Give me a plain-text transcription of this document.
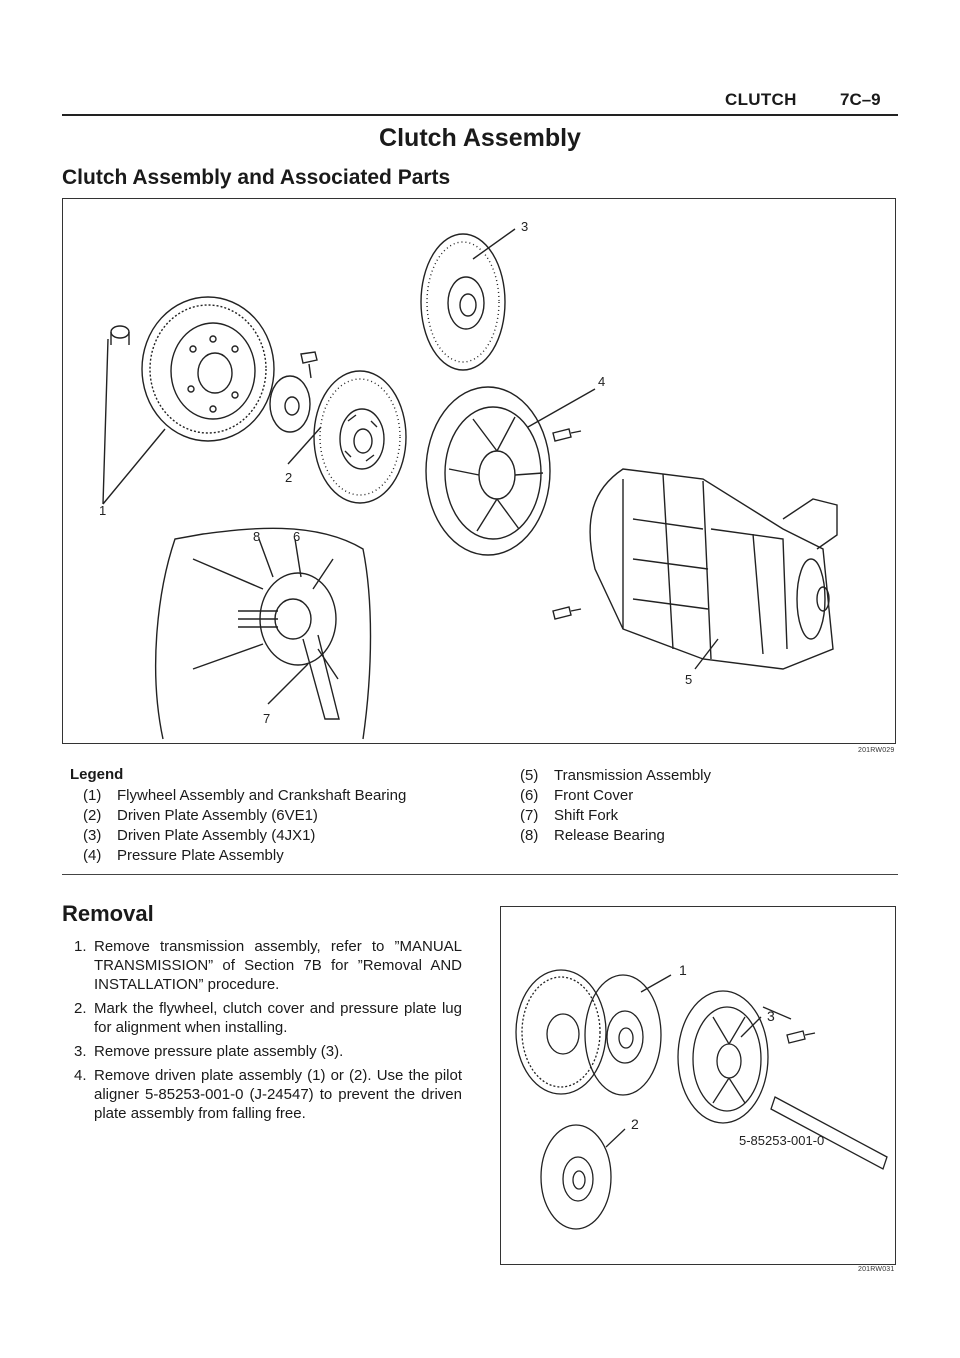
CLUTCH	7C–9
Clutch Assembly
Clutch Assembly and Associated Parts
1
2
3
4
5
6
7
8
201RW029
Legend
(1) Flywheel Assembly and Crankshaft Bearing
(2) Driven Plate Assembly (6VE1)
(3) Driven Plate Assembly (4JX1)
(4) Pressure Plate Assembly
(5) Transmission Assembly
(6) Front Cover
(7) Shift Fork
(8) Release Bearing
Removal
1. Remove transmission assembly, refer to ”MANUAL TRANSMISSION” of Section 7B for ”Removal AND INSTALLATION” procedure.
2. Mark the flywheel, clutch cover and pressure plate lug for alignment when installing.
3. Remove pressure plate assembly (3).
4. Remove driven plate assembly (1) or (2). Use the pilot aligner 5-85253-001-0 (J-24547) to prevent the driven plate assembly from falling free.
1
2
3
5-85253-001-0
201RW031
